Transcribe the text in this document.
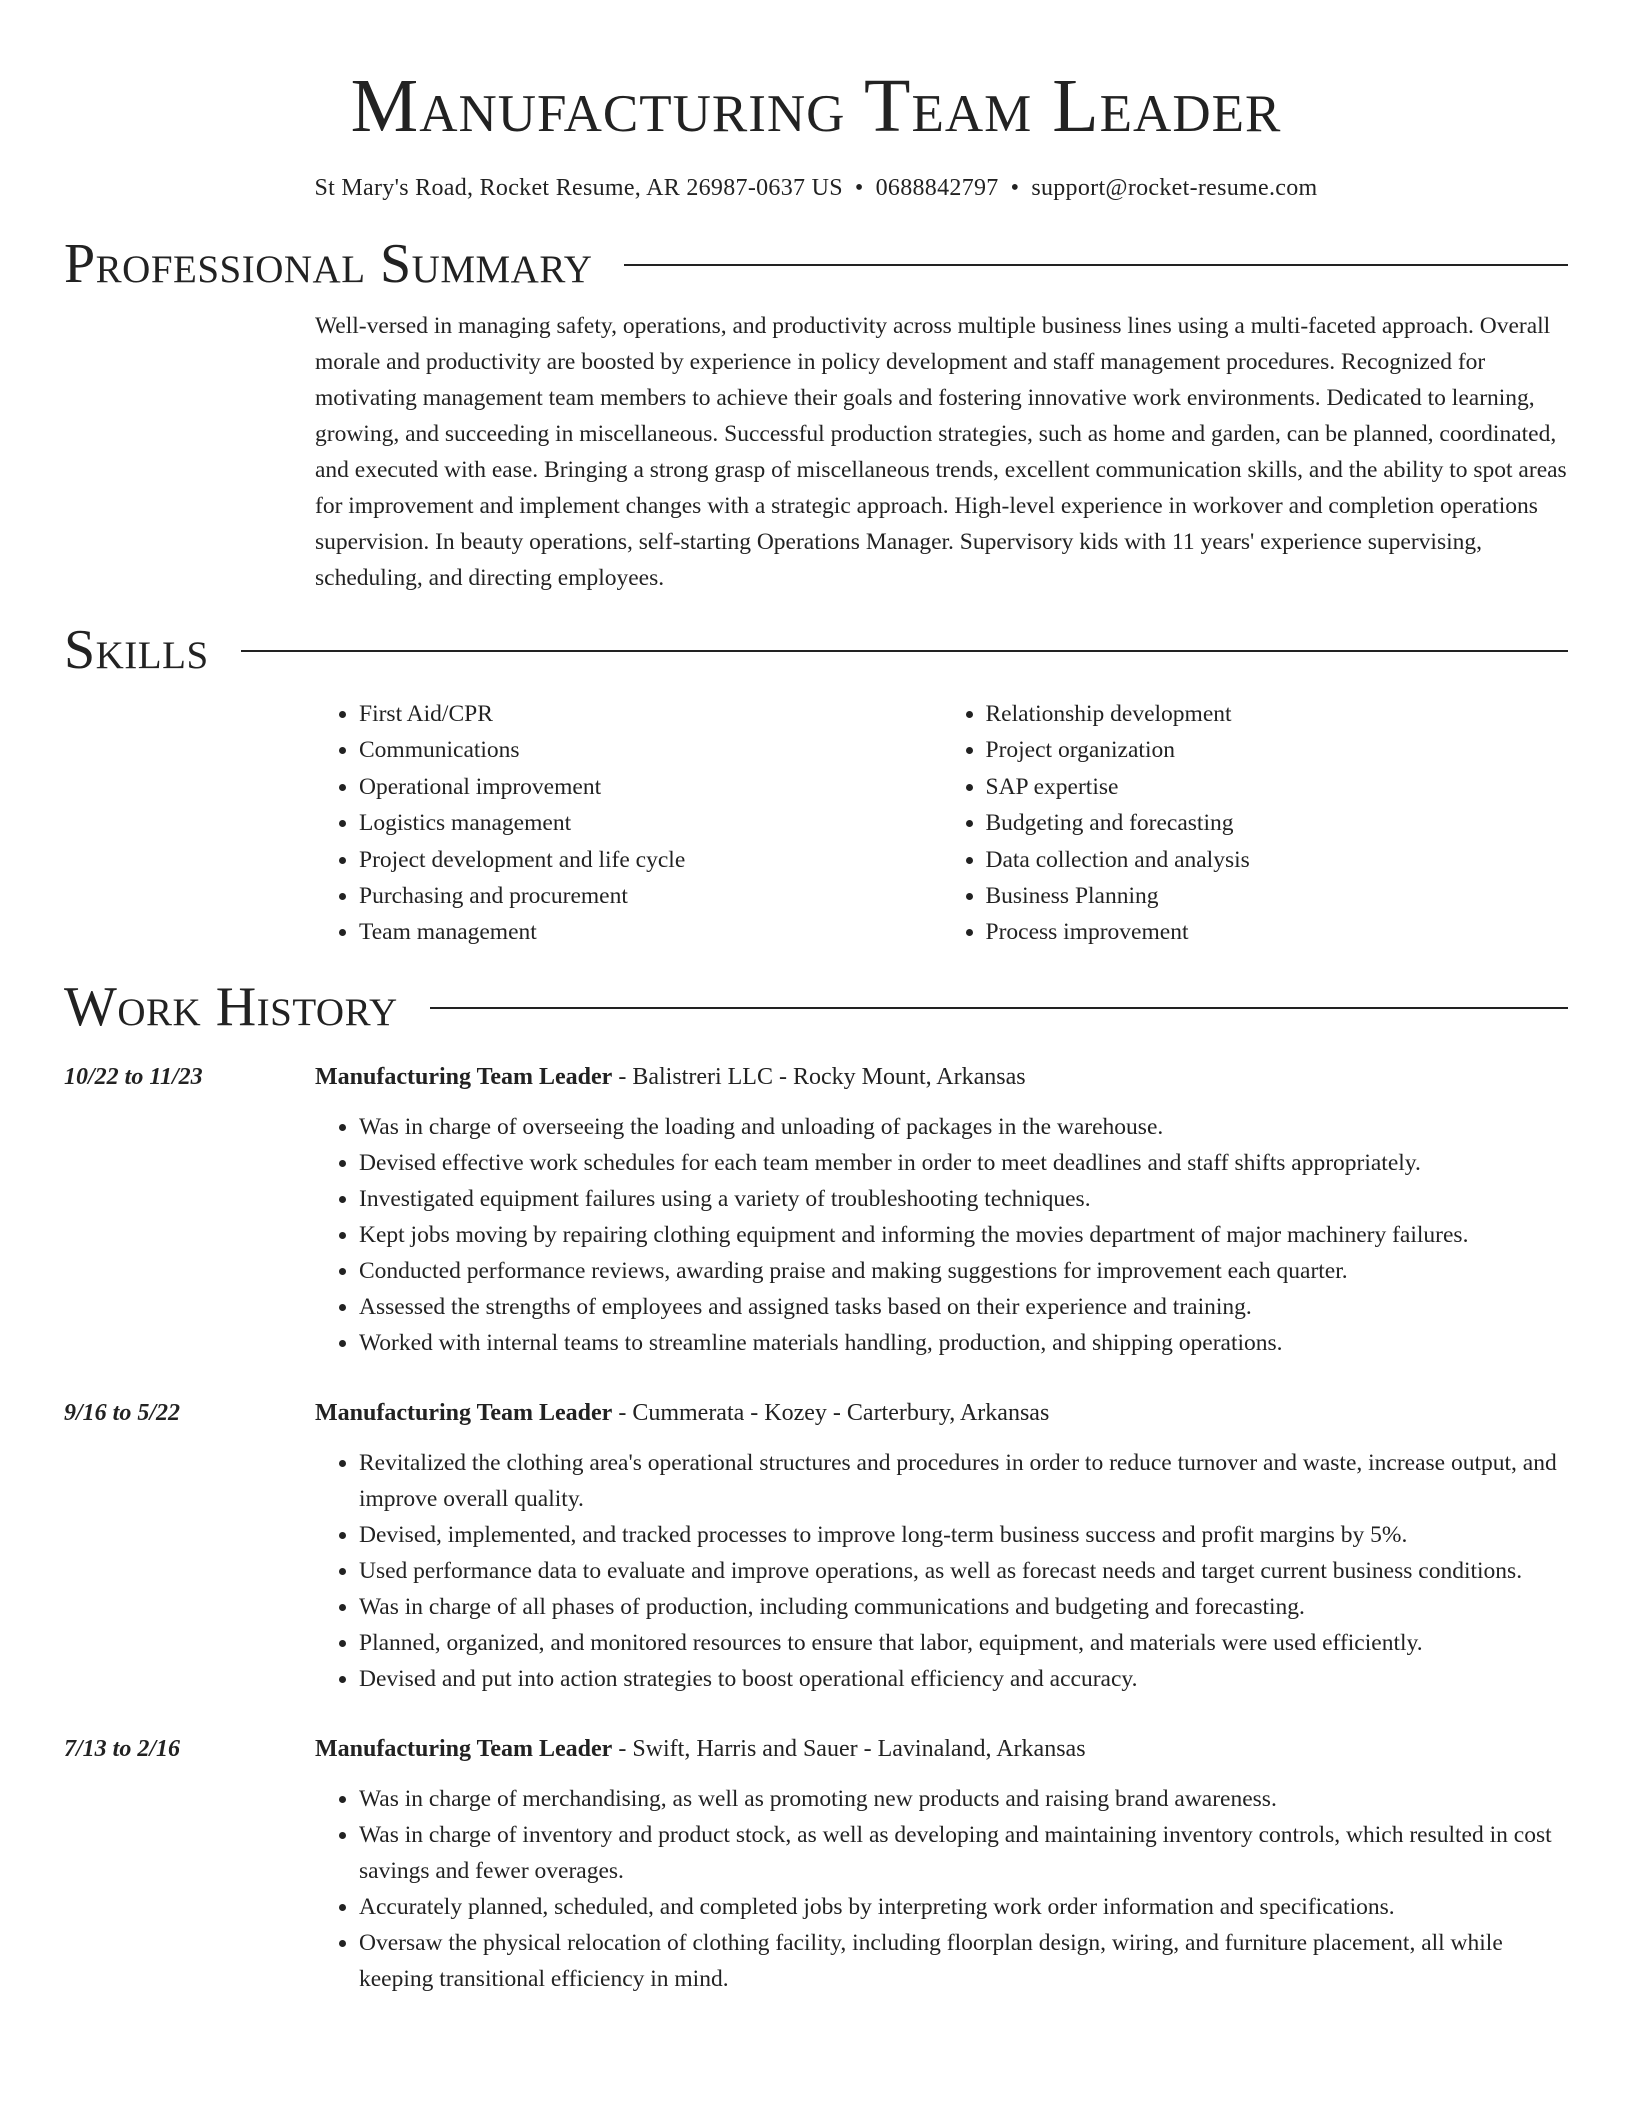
Manufacturing Team Leader
St Mary's Road, Rocket Resume, AR 26987-0637 US • 0688842797 • support@rocket-resume.com
Professional Summary
Well-versed in managing safety, operations, and productivity across multiple business lines using a multi-faceted approach. Overall morale and productivity are boosted by experience in policy development and staff management procedures. Recognized for motivating management team members to achieve their goals and fostering innovative work environments. Dedicated to learning, growing, and succeeding in miscellaneous. Successful production strategies, such as home and garden, can be planned, coordinated, and executed with ease. Bringing a strong grasp of miscellaneous trends, excellent communication skills, and the ability to spot areas for improvement and implement changes with a strategic approach. High-level experience in workover and completion operations supervision. In beauty operations, self-starting Operations Manager. Supervisory kids with 11 years' experience supervising, scheduling, and directing employees.
Skills
• First Aid/CPR
• Communications
• Operational improvement
• Logistics management
• Project development and life cycle
• Purchasing and procurement
• Team management
• Relationship development
• Project organization
• SAP expertise
• Budgeting and forecasting
• Data collection and analysis
• Business Planning
• Process improvement
Work History
10/22 to 11/23	Manufacturing Team Leader - Balistreri LLC - Rocky Mount, Arkansas
• Was in charge of overseeing the loading and unloading of packages in the warehouse.
• Devised effective work schedules for each team member in order to meet deadlines and staff shifts appropriately.
• Investigated equipment failures using a variety of troubleshooting techniques.
• Kept jobs moving by repairing clothing equipment and informing the movies department of major machinery failures.
• Conducted performance reviews, awarding praise and making suggestions for improvement each quarter.
• Assessed the strengths of employees and assigned tasks based on their experience and training.
• Worked with internal teams to streamline materials handling, production, and shipping operations.
9/16 to 5/22	Manufacturing Team Leader - Cummerata - Kozey - Carterbury, Arkansas
• Revitalized the clothing area's operational structures and procedures in order to reduce turnover and waste, increase output, and improve overall quality.
• Devised, implemented, and tracked processes to improve long-term business success and profit margins by 5%.
• Used performance data to evaluate and improve operations, as well as forecast needs and target current business conditions.
• Was in charge of all phases of production, including communications and budgeting and forecasting.
• Planned, organized, and monitored resources to ensure that labor, equipment, and materials were used efficiently.
• Devised and put into action strategies to boost operational efficiency and accuracy.
7/13 to 2/16	Manufacturing Team Leader - Swift, Harris and Sauer - Lavinaland, Arkansas
• Was in charge of merchandising, as well as promoting new products and raising brand awareness.
• Was in charge of inventory and product stock, as well as developing and maintaining inventory controls, which resulted in cost savings and fewer overages.
• Accurately planned, scheduled, and completed jobs by interpreting work order information and specifications.
• Oversaw the physical relocation of clothing facility, including floorplan design, wiring, and furniture placement, all while keeping transitional efficiency in mind.
